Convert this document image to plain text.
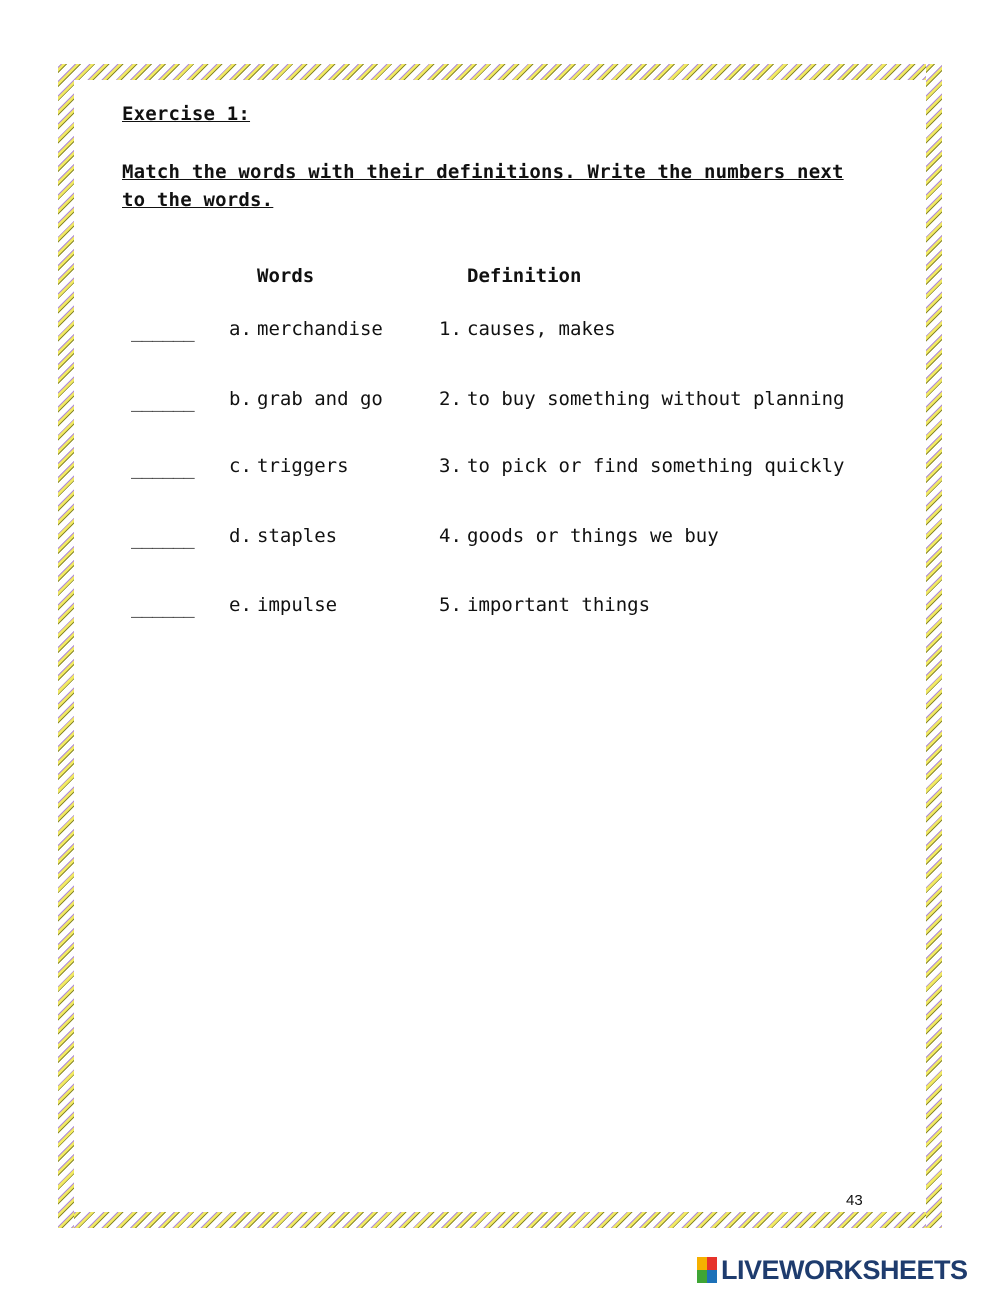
Exercise 1:
Match the words with their definitions. Write the numbers next to the words.
Words	Definition
______ a. merchandise	1. causes, makes
______ b. grab and go	2. to buy something without planning
______ c. triggers	3. to pick or find something quickly
______ d. staples	4. goods or things we buy
______ e. impulse	5. important things
43
LIVEWORKSHEETS
